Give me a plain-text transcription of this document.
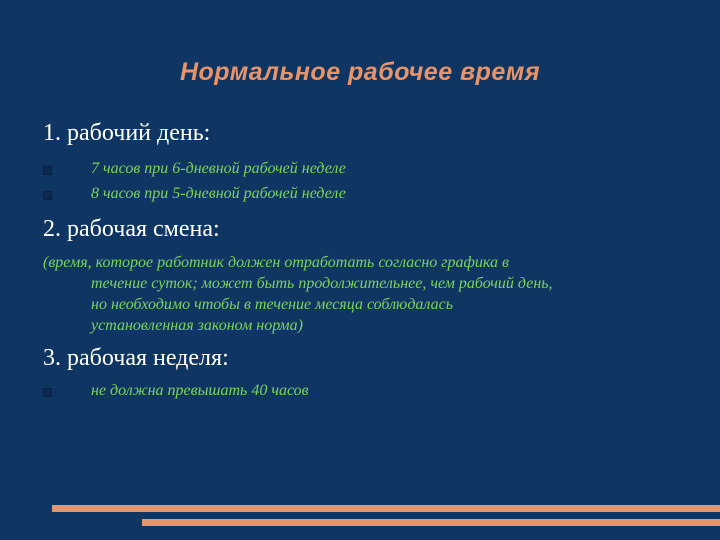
Нормальное рабочее время
1. рабочий день:
7 часов при 6-дневной рабочей неделе
8 часов при 5-дневной рабочей неделе
2. рабочая смена:
(время, которое работник должен отработать согласно графика в
течение суток; может быть продолжительнее, чем рабочий день,
но необходимо чтобы в течение месяца соблюдалась
установленная законом норма)
3. рабочая неделя:
не должна превышать 40 часов
